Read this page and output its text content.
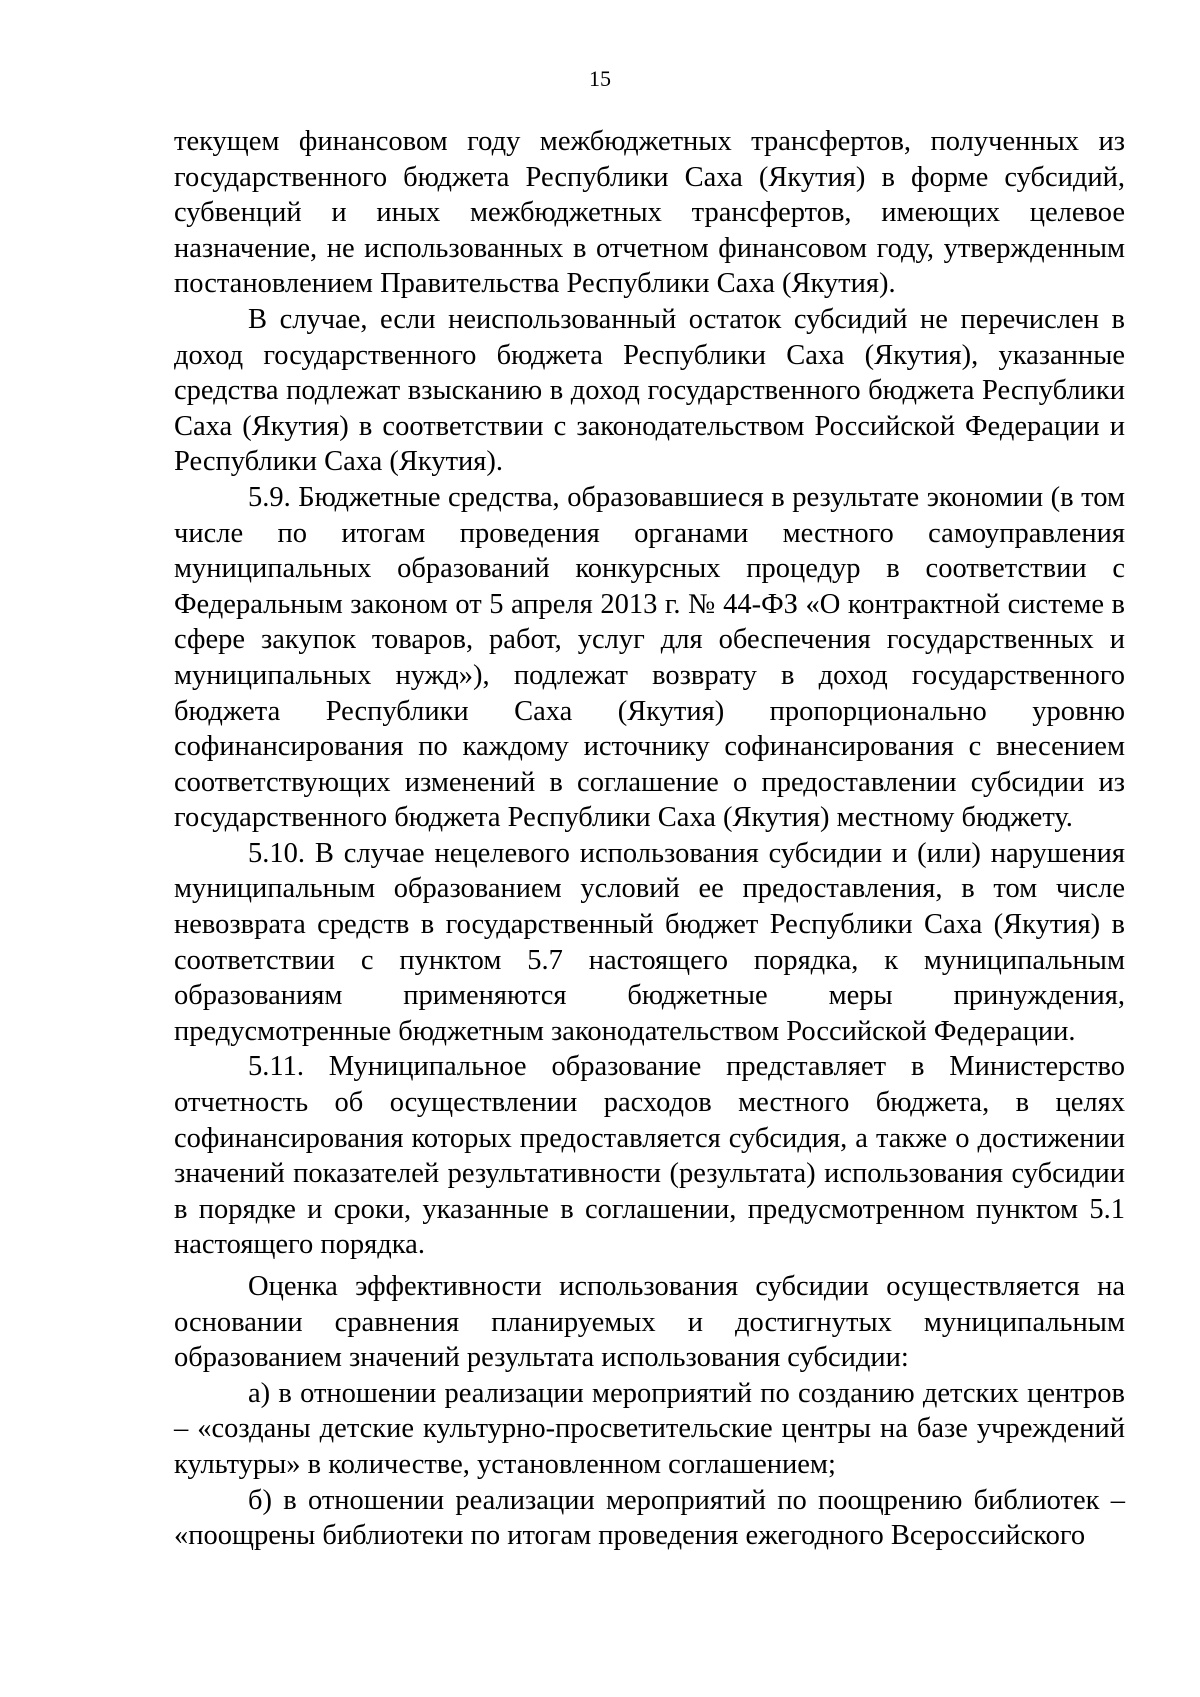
15

текущем финансовом году межбюджетных трансфертов, полученных из государственного бюджета Республики Саха (Якутия) в форме субсидий, субвенций и иных межбюджетных трансфертов, имеющих целевое назначение, не использованных в отчетном финансовом году, утвержденным постановлением Правительства Республики Саха (Якутия).

В случае, если неиспользованный остаток субсидий не перечислен в доход государственного бюджета Республики Саха (Якутия), указанные средства подлежат взысканию в доход государственного бюджета Республики Саха (Якутия) в соответствии с законодательством Российской Федерации и Республики Саха (Якутия).

5.9. Бюджетные средства, образовавшиеся в результате экономии (в том числе по итогам проведения органами местного самоуправления муниципальных образований конкурсных процедур в соответствии с Федеральным законом от 5 апреля 2013 г. № 44-ФЗ «О контрактной системе в сфере закупок товаров, работ, услуг для обеспечения государственных и муниципальных нужд»), подлежат возврату в доход государственного бюджета Республики Саха (Якутия) пропорционально уровню софинансирования по каждому источнику софинансирования с внесением соответствующих изменений в соглашение о предоставлении субсидии из государственного бюджета Республики Саха (Якутия) местному бюджету.

5.10. В случае нецелевого использования субсидии и (или) нарушения муниципальным образованием условий ее предоставления, в том числе невозврата средств в государственный бюджет Республики Саха (Якутия) в соответствии с пунктом 5.7 настоящего порядка, к муниципальным образованиям применяются бюджетные меры принуждения, предусмотренные бюджетным законодательством Российской Федерации.

5.11. Муниципальное образование представляет в Министерство отчетность об осуществлении расходов местного бюджета, в целях софинансирования которых предоставляется субсидия, а также о достижении значений показателей результативности (результата) использования субсидии в порядке и сроки, указанные в соглашении, предусмотренном пунктом 5.1 настоящего порядка.

Оценка эффективности использования субсидии осуществляется на основании сравнения планируемых и достигнутых муниципальным образованием значений результата использования субсидии:

а) в отношении реализации мероприятий по созданию детских центров – «созданы детские культурно-просветительские центры на базе учреждений культуры» в количестве, установленном соглашением;

б) в отношении реализации мероприятий по поощрению библиотек – «поощрены библиотеки по итогам проведения ежегодного Всероссийского
